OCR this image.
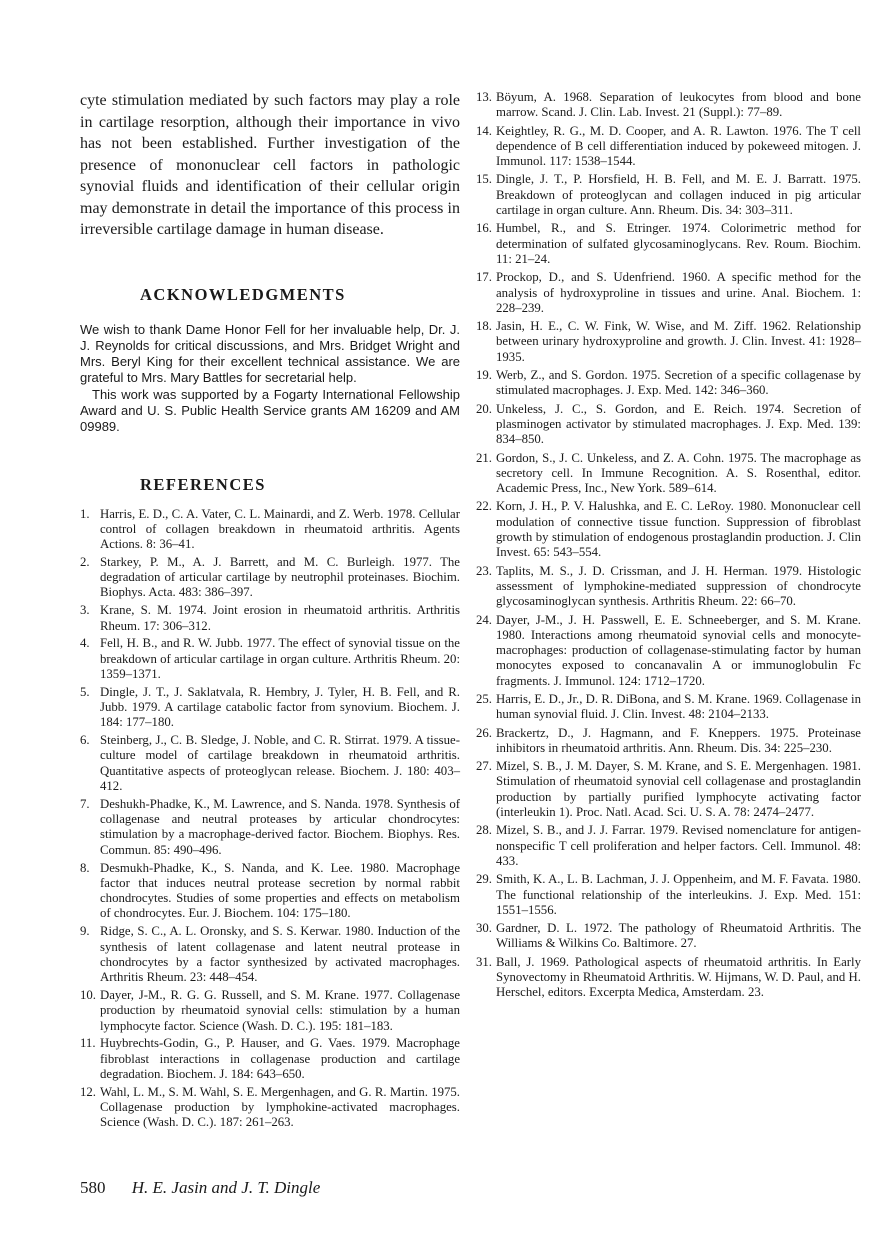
cyte stimulation mediated by such factors may play a role in cartilage resorption, although their importance in vivo has not been established. Further investigation of the presence of mononuclear cell factors in pathologic synovial fluids and identification of their cellular origin may demonstrate in detail the importance of this process in irreversible cartilage damage in human disease.

ACKNOWLEDGMENTS

We wish to thank Dame Honor Fell for her invaluable help, Dr. J. J. Reynolds for critical discussions, and Mrs. Bridget Wright and Mrs. Beryl King for their excellent technical assistance. We are grateful to Mrs. Mary Battles for secretarial help.

This work was supported by a Fogarty International Fellowship Award and U. S. Public Health Service grants AM 16209 and AM 09989.

REFERENCES
1. Harris, E. D., C. A. Vater, C. L. Mainardi, and Z. Werb. 1978. Cellular control of collagen breakdown in rheumatoid arthritis. Agents Actions. 8: 36–41.
2. Starkey, P. M., A. J. Barrett, and M. C. Burleigh. 1977. The degradation of articular cartilage by neutrophil proteinases. Biochim. Biophys. Acta. 483: 386–397.
3. Krane, S. M. 1974. Joint erosion in rheumatoid arthritis. Arthritis Rheum. 17: 306–312.
4. Fell, H. B., and R. W. Jubb. 1977. The effect of synovial tissue on the breakdown of articular cartilage in organ culture. Arthritis Rheum. 20: 1359–1371.
5. Dingle, J. T., J. Saklatvala, R. Hembry, J. Tyler, H. B. Fell, and R. Jubb. 1979. A cartilage catabolic factor from synovium. Biochem. J. 184: 177–180.
6. Steinberg, J., C. B. Sledge, J. Noble, and C. R. Stirrat. 1979. A tissue-culture model of cartilage breakdown in rheumatoid arthritis. Quantitative aspects of proteoglycan release. Biochem. J. 180: 403–412.
7. Deshukh-Phadke, K., M. Lawrence, and S. Nanda. 1978. Synthesis of collagenase and neutral proteases by articular chondrocytes: stimulation by a macrophage-derived factor. Biochem. Biophys. Res. Commun. 85: 490–496.
8. Desmukh-Phadke, K., S. Nanda, and K. Lee. 1980. Macrophage factor that induces neutral protease secretion by normal rabbit chondrocytes. Studies of some properties and effects on metabolism of chondrocytes. Eur. J. Biochem. 104: 175–180.
9. Ridge, S. C., A. L. Oronsky, and S. S. Kerwar. 1980. Induction of the synthesis of latent collagenase and latent neutral protease in chondrocytes by a factor synthesized by activated macrophages. Arthritis Rheum. 23: 448–454.
10. Dayer, J-M., R. G. G. Russell, and S. M. Krane. 1977. Collagenase production by rheumatoid synovial cells: stimulation by a human lymphocyte factor. Science (Wash. D. C.). 195: 181–183.
11. Huybrechts-Godin, G., P. Hauser, and G. Vaes. 1979. Macrophage fibroblast interactions in collagenase production and cartilage degradation. Biochem. J. 184: 643–650.
12. Wahl, L. M., S. M. Wahl, S. E. Mergenhagen, and G. R. Martin. 1975. Collagenase production by lymphokine-activated macrophages. Science (Wash. D. C.). 187: 261–263.
13. Böyum, A. 1968. Separation of leukocytes from blood and bone marrow. Scand. J. Clin. Lab. Invest. 21 (Suppl.): 77–89.
14. Keightley, R. G., M. D. Cooper, and A. R. Lawton. 1976. The T cell dependence of B cell differentiation induced by pokeweed mitogen. J. Immunol. 117: 1538–1544.
15. Dingle, J. T., P. Horsfield, H. B. Fell, and M. E. J. Barratt. 1975. Breakdown of proteoglycan and collagen induced in pig articular cartilage in organ culture. Ann. Rheum. Dis. 34: 303–311.
16. Humbel, R., and S. Etringer. 1974. Colorimetric method for determination of sulfated glycosaminoglycans. Rev. Roum. Biochim. 11: 21–24.
17. Prockop, D., and S. Udenfriend. 1960. A specific method for the analysis of hydroxyproline in tissues and urine. Anal. Biochem. 1: 228–239.
18. Jasin, H. E., C. W. Fink, W. Wise, and M. Ziff. 1962. Relationship between urinary hydroxyproline and growth. J. Clin. Invest. 41: 1928–1935.
19. Werb, Z., and S. Gordon. 1975. Secretion of a specific collagenase by stimulated macrophages. J. Exp. Med. 142: 346–360.
20. Unkeless, J. C., S. Gordon, and E. Reich. 1974. Secretion of plasminogen activator by stimulated macrophages. J. Exp. Med. 139: 834–850.
21. Gordon, S., J. C. Unkeless, and Z. A. Cohn. 1975. The macrophage as secretory cell. In Immune Recognition. A. S. Rosenthal, editor. Academic Press, Inc., New York. 589–614.
22. Korn, J. H., P. V. Halushka, and E. C. LeRoy. 1980. Mononuclear cell modulation of connective tissue function. Suppression of fibroblast growth by stimulation of endogenous prostaglandin production. J. Clin Invest. 65: 543–554.
23. Taplits, M. S., J. D. Crissman, and J. H. Herman. 1979. Histologic assessment of lymphokine-mediated suppression of chondrocyte glycosaminoglycan synthesis. Arthritis Rheum. 22: 66–70.
24. Dayer, J-M., J. H. Passwell, E. E. Schneeberger, and S. M. Krane. 1980. Interactions among rheumatoid synovial cells and monocyte-macrophages: production of collagenase-stimulating factor by human monocytes exposed to concanavalin A or immunoglobulin Fc fragments. J. Immunol. 124: 1712–1720.
25. Harris, E. D., Jr., D. R. DiBona, and S. M. Krane. 1969. Collagenase in human synovial fluid. J. Clin. Invest. 48: 2104–2133.
26. Brackertz, D., J. Hagmann, and F. Kneppers. 1975. Proteinase inhibitors in rheumatoid arthritis. Ann. Rheum. Dis. 34: 225–230.
27. Mizel, S. B., J. M. Dayer, S. M. Krane, and S. E. Mergenhagen. 1981. Stimulation of rheumatoid synovial cell collagenase and prostaglandin production by partially purified lymphocyte activating factor (interleukin 1). Proc. Natl. Acad. Sci. U. S. A. 78: 2474–2477.
28. Mizel, S. B., and J. J. Farrar. 1979. Revised nomenclature for antigen-nonspecific T cell proliferation and helper factors. Cell. Immunol. 48: 433.
29. Smith, K. A., L. B. Lachman, J. J. Oppenheim, and M. F. Favata. 1980. The functional relationship of the interleukins. J. Exp. Med. 151: 1551–1556.
30. Gardner, D. L. 1972. The pathology of Rheumatoid Arthritis. The Williams & Wilkins Co. Baltimore. 27.
31. Ball, J. 1969. Pathological aspects of rheumatoid arthritis. In Early Synovectomy in Rheumatoid Arthritis. W. Hijmans, W. D. Paul, and H. Herschel, editors. Excerpta Medica, Amsterdam. 23.
580 H. E. Jasin and J. T. Dingle
